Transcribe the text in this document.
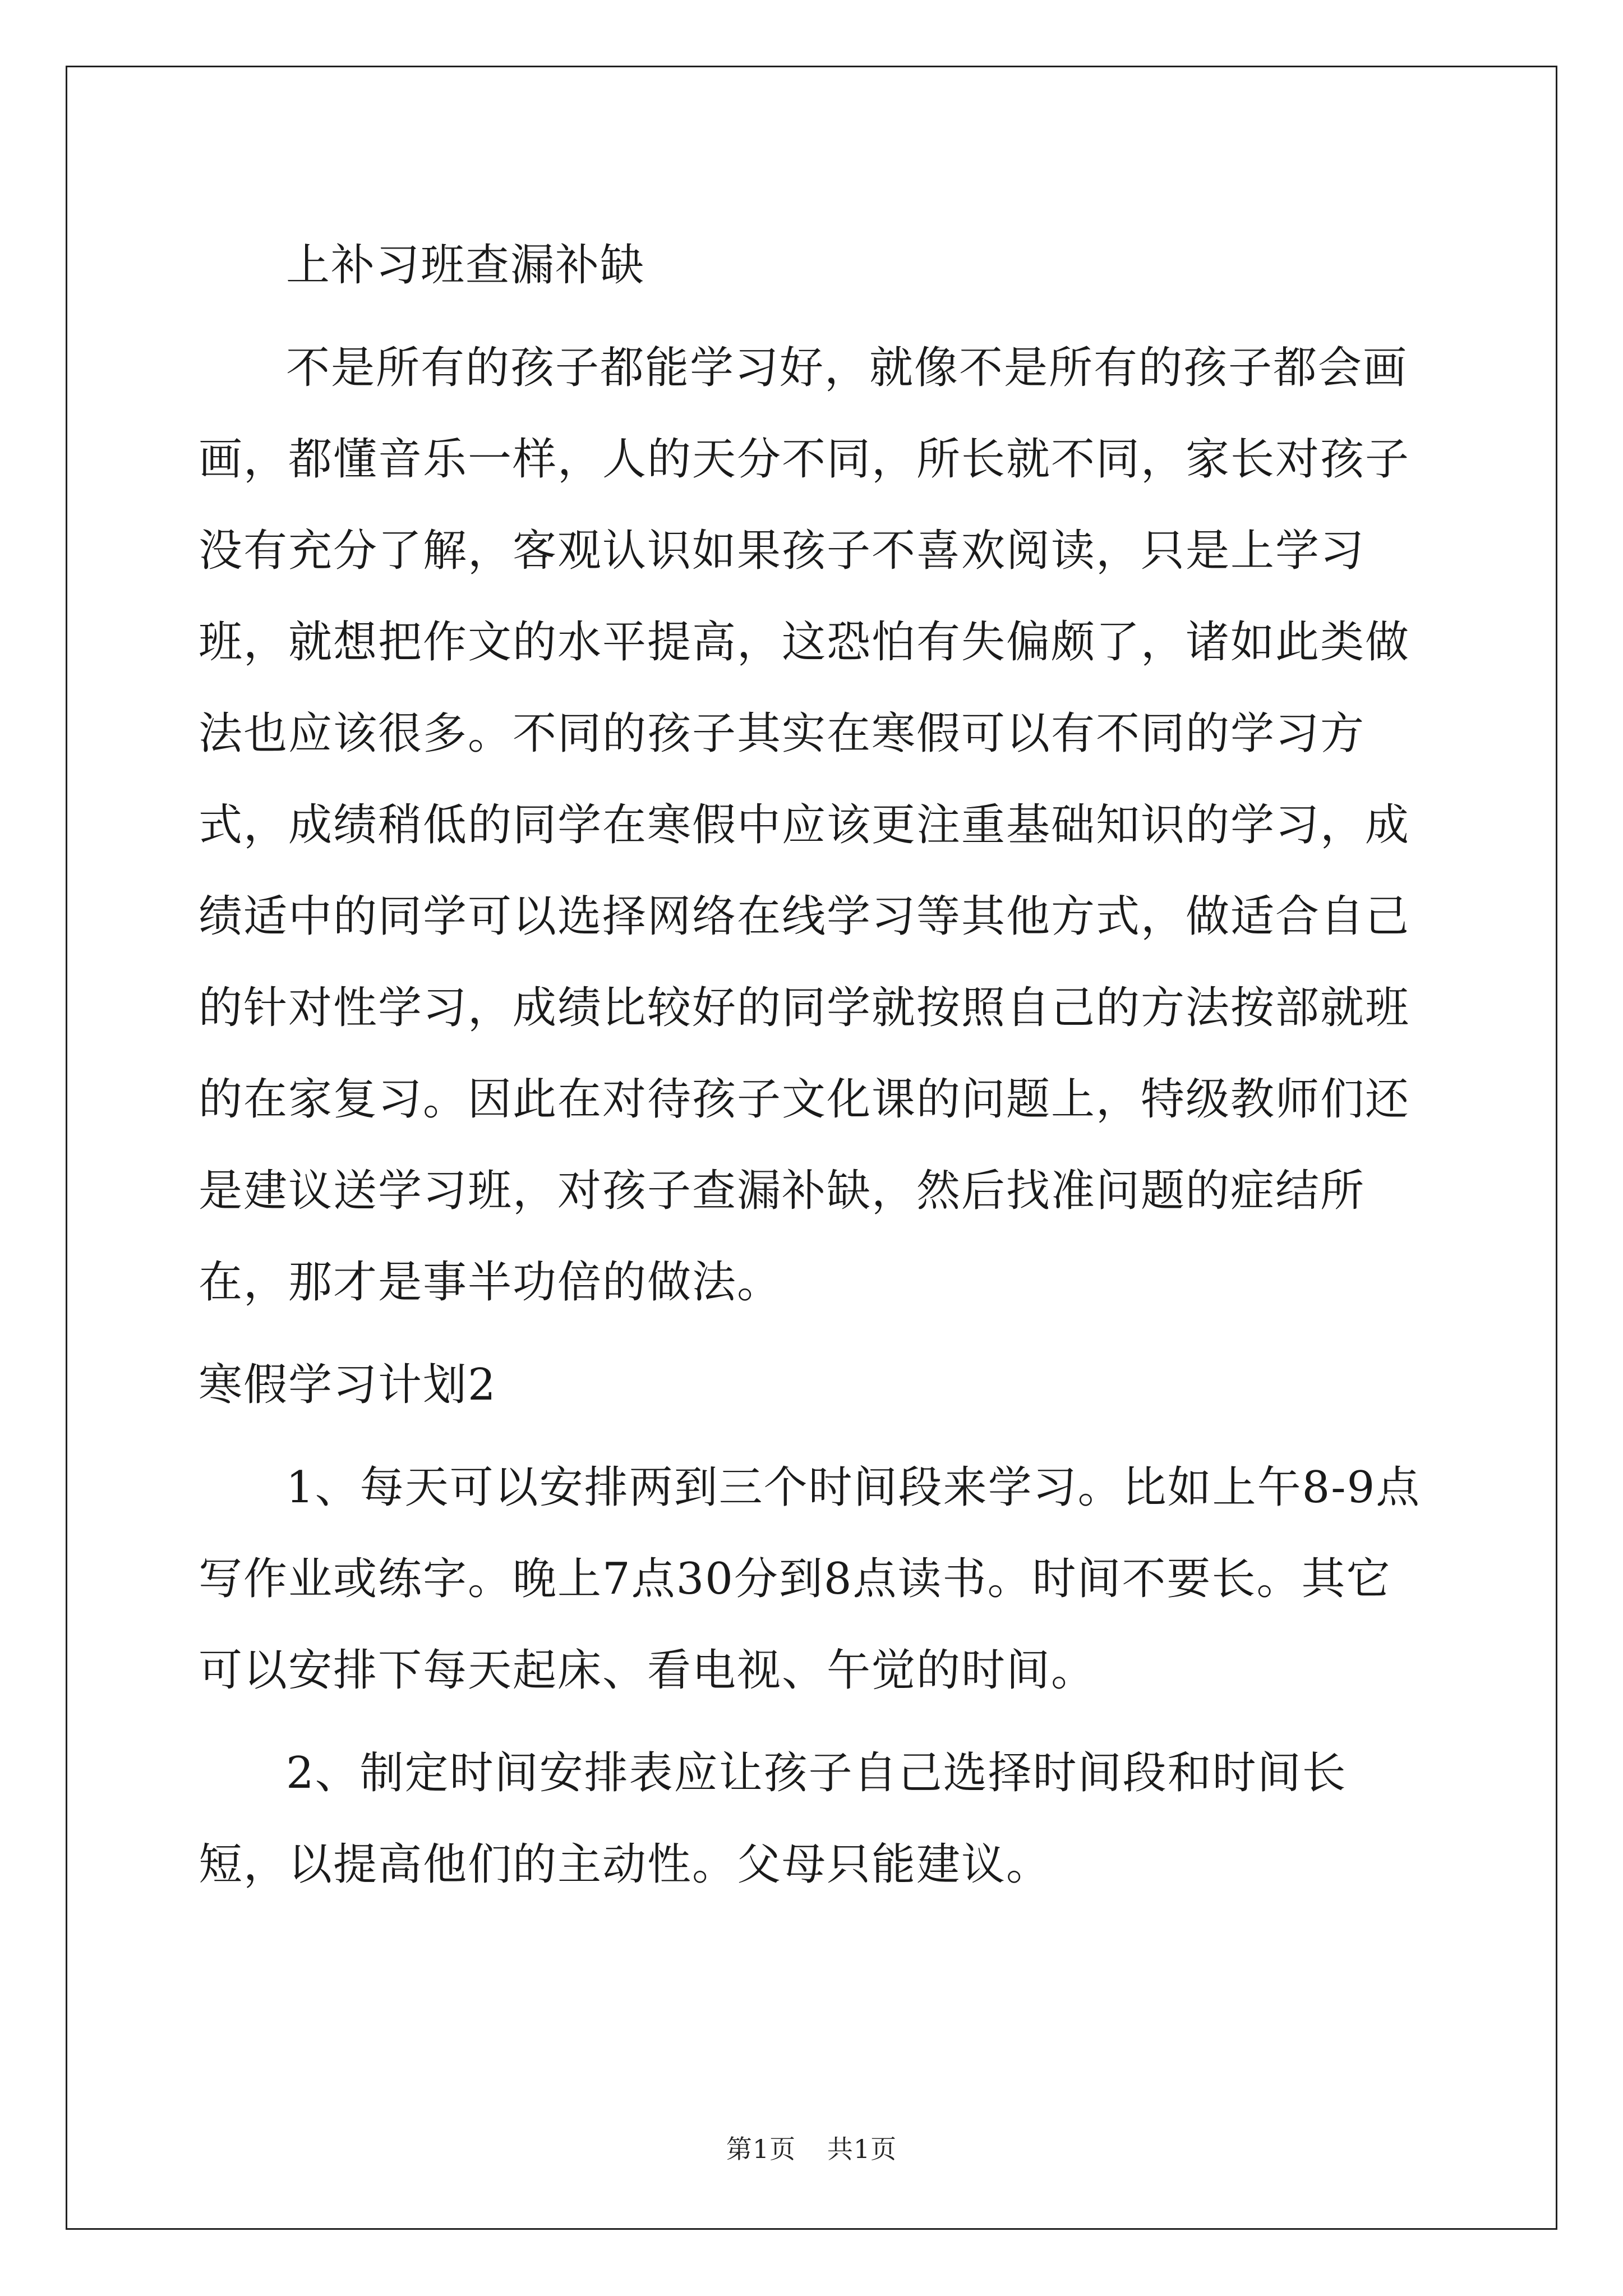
上补习班查漏补缺

不是所有的孩子都能学习好，就像不是所有的孩子都会画画，都懂音乐一样，人的天分不同，所长就不同，家长对孩子没有充分了解，客观认识如果孩子不喜欢阅读，只是上学习班，就想把作文的水平提高，这恐怕有失偏颇了，诸如此类做法也应该很多。不同的孩子其实在寒假可以有不同的学习方式，成绩稍低的同学在寒假中应该更注重基础知识的学习，成绩适中的同学可以选择网络在线学习等其他方式，做适合自己的针对性学习，成绩比较好的同学就按照自己的方法按部就班的在家复习。因此在对待孩子文化课的问题上，特级教师们还是建议送学习班，对孩子查漏补缺，然后找准问题的症结所在，那才是事半功倍的做法。

寒假学习计划2

1、每天可以安排两到三个时间段来学习。比如上午8-9点写作业或练字。晚上7点30分到8点读书。时间不要长。其它可以安排下每天起床、看电视、午觉的时间。

2、制定时间安排表应让孩子自己选择时间段和时间长短，以提高他们的主动性。父母只能建议。

第1页 共1页
